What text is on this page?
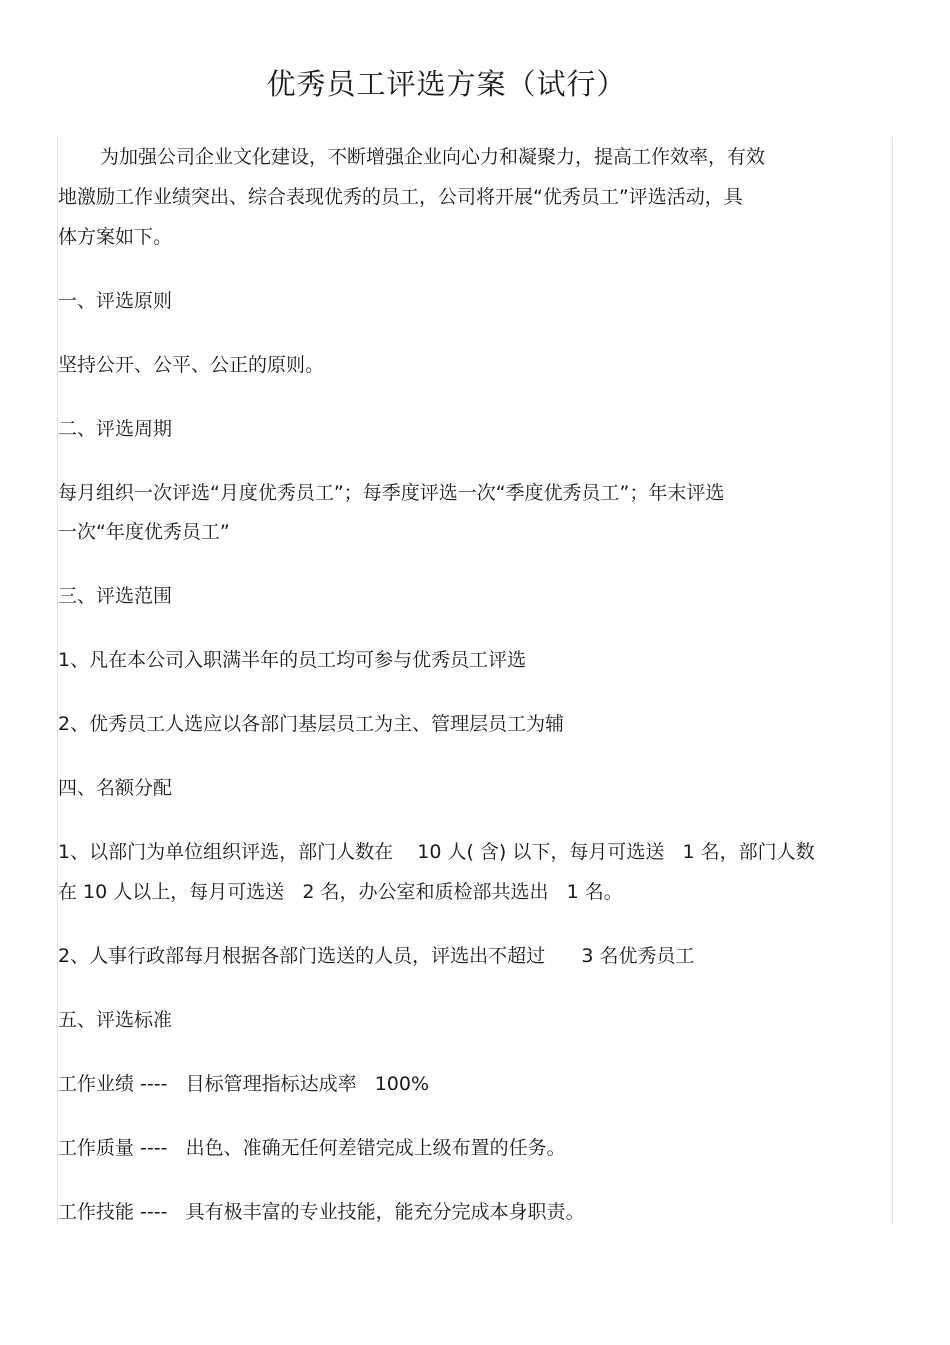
优秀员工评选方案（试行）
为加强公司企业文化建设，不断增强企业向心力和凝聚力，提高工作效率，有效
地激励工作业绩突出、综合表现优秀的员工，公司将开展“优秀员工”评选活动，具
体方案如下。
一、评选原则
坚持公开、公平、公正的原则。
二、评选周期
每月组织一次评选“月度优秀员工”；每季度评选一次“季度优秀员工”；年末评选
一次“年度优秀员工”
三、评选范围
1、凡在本公司入职满半年的员工均可参与优秀员工评选
2、优秀员工人选应以各部门基层员工为主、管理层员工为辅
四、名额分配
1、以部门为单位组织评选，部门人数在    10 人( 含) 以下，每月可选送   1 名，部门人数
在 10 人以上，每月可选送   2 名，办公室和质检部共选出   1 名。
2、人事行政部每月根据各部门选送的人员，评选出不超过      3 名优秀员工
五、评选标准
工作业绩 ----   目标管理指标达成率   100%
工作质量 ----   出色、准确无任何差错完成上级布置的任务。
工作技能 ----   具有极丰富的专业技能，能充分完成本身职责。
